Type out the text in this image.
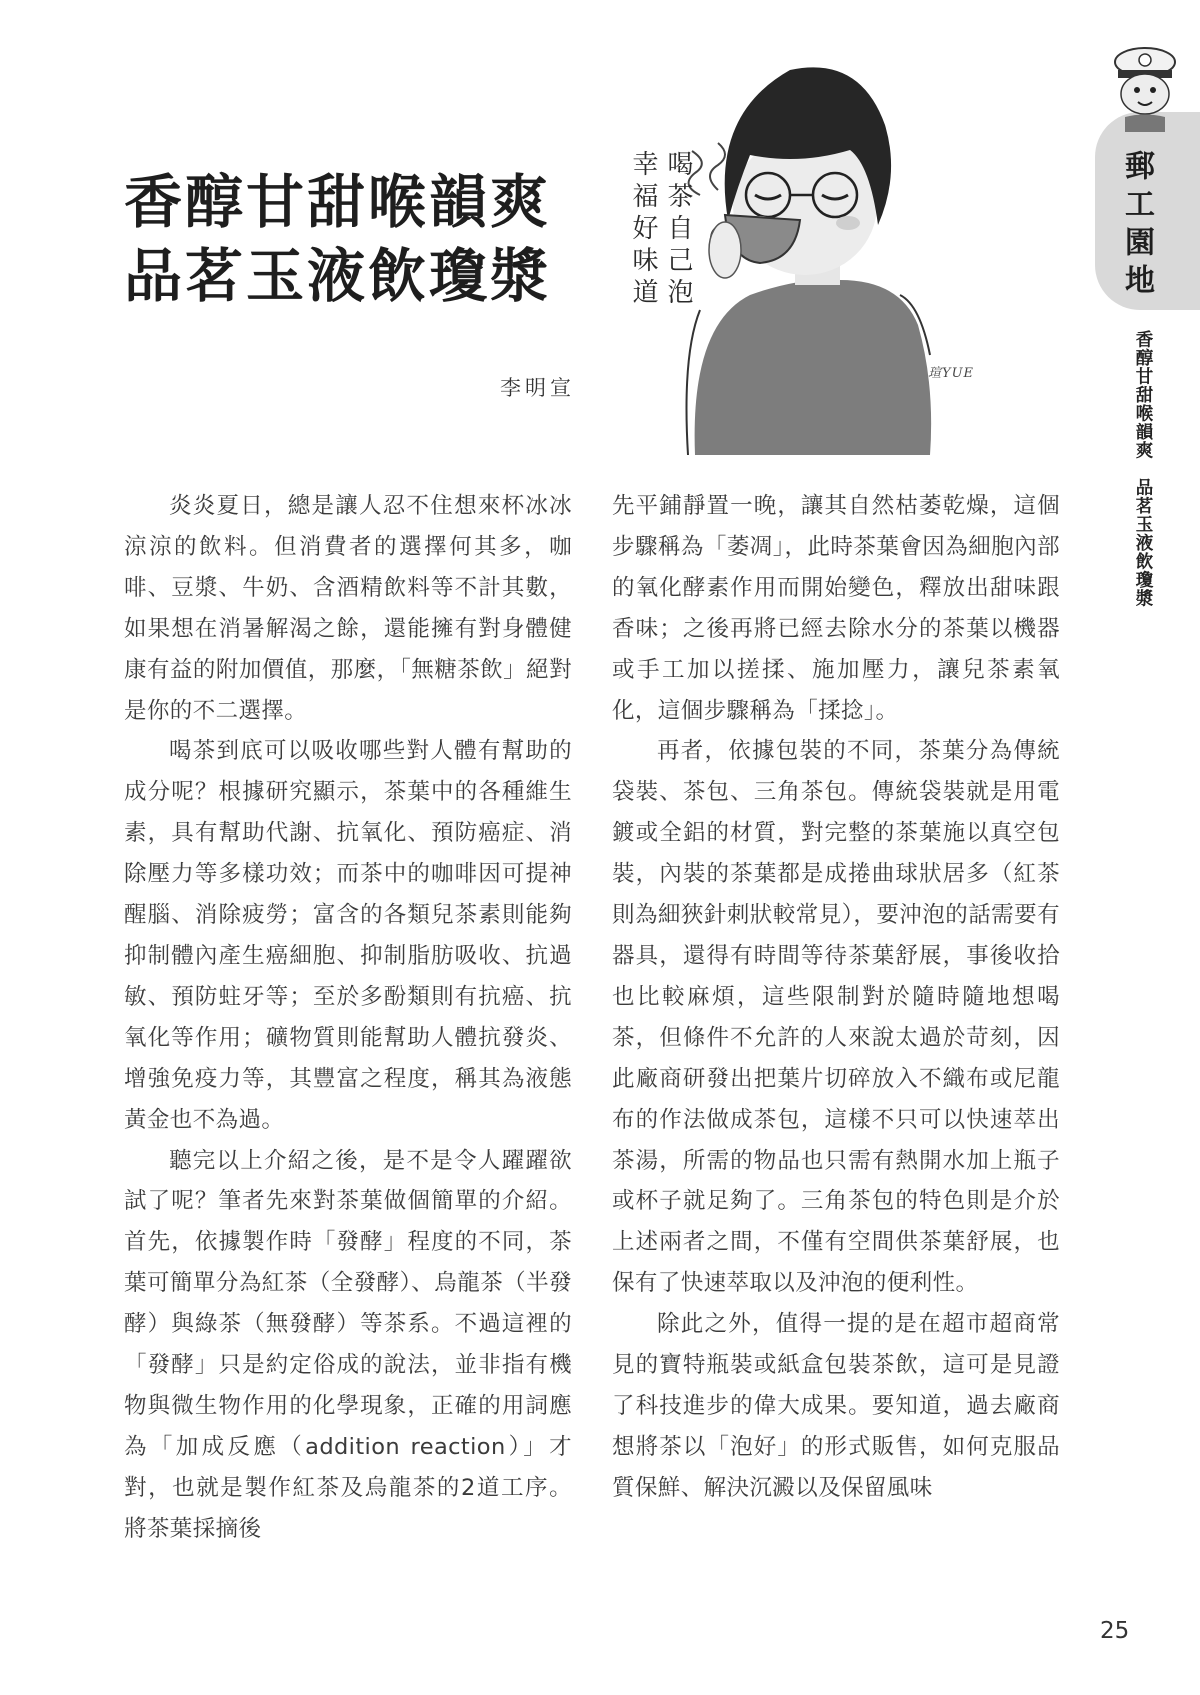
香醇甘甜喉韻爽
品茗玉液飲瓊漿
李明宣
幸福好味道 喝茶自己泡
瑄YUE

炎炎夏日，總是讓人忍不住想來杯冰冰涼涼的飲料。但消費者的選擇何其多，咖啡、豆漿、牛奶、含酒精飲料等不計其數，如果想在消暑解渴之餘，還能擁有對身體健康有益的附加價值，那麼，「無糖茶飲」絕對是你的不二選擇。

喝茶到底可以吸收哪些對人體有幫助的成分呢？根據研究顯示，茶葉中的各種維生素，具有幫助代謝、抗氧化、預防癌症、消除壓力等多樣功效；而茶中的咖啡因可提神醒腦、消除疲勞；富含的各類兒茶素則能夠抑制體內產生癌細胞、抑制脂肪吸收、抗過敏、預防蛀牙等；至於多酚類則有抗癌、抗氧化等作用；礦物質則能幫助人體抗發炎、增強免疫力等，其豐富之程度，稱其為液態黃金也不為過。

聽完以上介紹之後，是不是令人躍躍欲試了呢？筆者先來對茶葉做個簡單的介紹。首先，依據製作時「發酵」程度的不同，茶葉可簡單分為紅茶（全發酵）、烏龍茶（半發酵）與綠茶（無發酵）等茶系。不過這裡的「發酵」只是約定俗成的說法，並非指有機物與微生物作用的化學現象，正確的用詞應為「加成反應（addition reaction）」才對，也就是製作紅茶及烏龍茶的2道工序。將茶葉採摘後

先平鋪靜置一晚，讓其自然枯萎乾燥，這個步驟稱為「萎凋」，此時茶葉會因為細胞內部的氧化酵素作用而開始變色，釋放出甜味跟香味；之後再將已經去除水分的茶葉以機器或手工加以搓揉、施加壓力，讓兒茶素氧化，這個步驟稱為「揉捻」。

再者，依據包裝的不同，茶葉分為傳統袋裝、茶包、三角茶包。傳統袋裝就是用電鍍或全鋁的材質，對完整的茶葉施以真空包裝，內裝的茶葉都是成捲曲球狀居多（紅茶則為細狹針刺狀較常見），要沖泡的話需要有器具，還得有時間等待茶葉舒展，事後收拾也比較麻煩，這些限制對於隨時隨地想喝茶，但條件不允許的人來說太過於苛刻，因此廠商研發出把葉片切碎放入不織布或尼龍布的作法做成茶包，這樣不只可以快速萃出茶湯，所需的物品也只需有熱開水加上瓶子或杯子就足夠了。三角茶包的特色則是介於上述兩者之間，不僅有空間供茶葉舒展，也保有了快速萃取以及沖泡的便利性。

除此之外，值得一提的是在超市超商常見的寶特瓶裝或紙盒包裝茶飲，這可是見證了科技進步的偉大成果。要知道，過去廠商想將茶以「泡好」的形式販售，如何克服品質保鮮、解決沉澱以及保留風味

郵工園地
香醇甘甜喉韻爽　品茗玉液飲瓊漿
25
